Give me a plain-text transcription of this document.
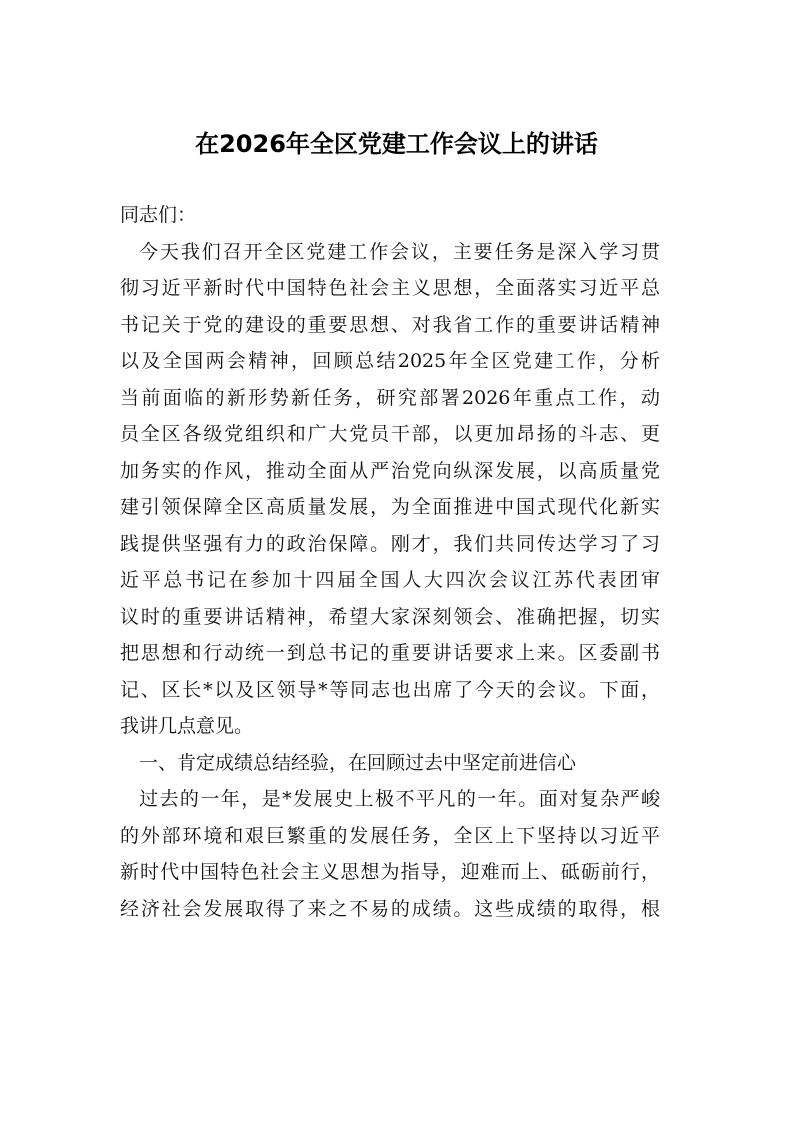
在2026年全区党建工作会议上的讲话
同志们：
今天我们召开全区党建工作会议，主要任务是深入学习贯
彻习近平新时代中国特色社会主义思想，全面落实习近平总
书记关于党的建设的重要思想、对我省工作的重要讲话精神
以及全国两会精神，回顾总结2025年全区党建工作，分析
当前面临的新形势新任务，研究部署2026年重点工作，动
员全区各级党组织和广大党员干部，以更加昂扬的斗志、更
加务实的作风，推动全面从严治党向纵深发展，以高质量党
建引领保障全区高质量发展，为全面推进中国式现代化新实
践提供坚强有力的政治保障。刚才，我们共同传达学习了习
近平总书记在参加十四届全国人大四次会议江苏代表团审
议时的重要讲话精神，希望大家深刻领会、准确把握，切实
把思想和行动统一到总书记的重要讲话要求上来。区委副书
记、区长*以及区领导*等同志也出席了今天的会议。下面，
我讲几点意见。
一、肯定成绩总结经验，在回顾过去中坚定前进信心
过去的一年，是*发展史上极不平凡的一年。面对复杂严峻
的外部环境和艰巨繁重的发展任务，全区上下坚持以习近平
新时代中国特色社会主义思想为指导，迎难而上、砥砺前行，
经济社会发展取得了来之不易的成绩。这些成绩的取得，根
